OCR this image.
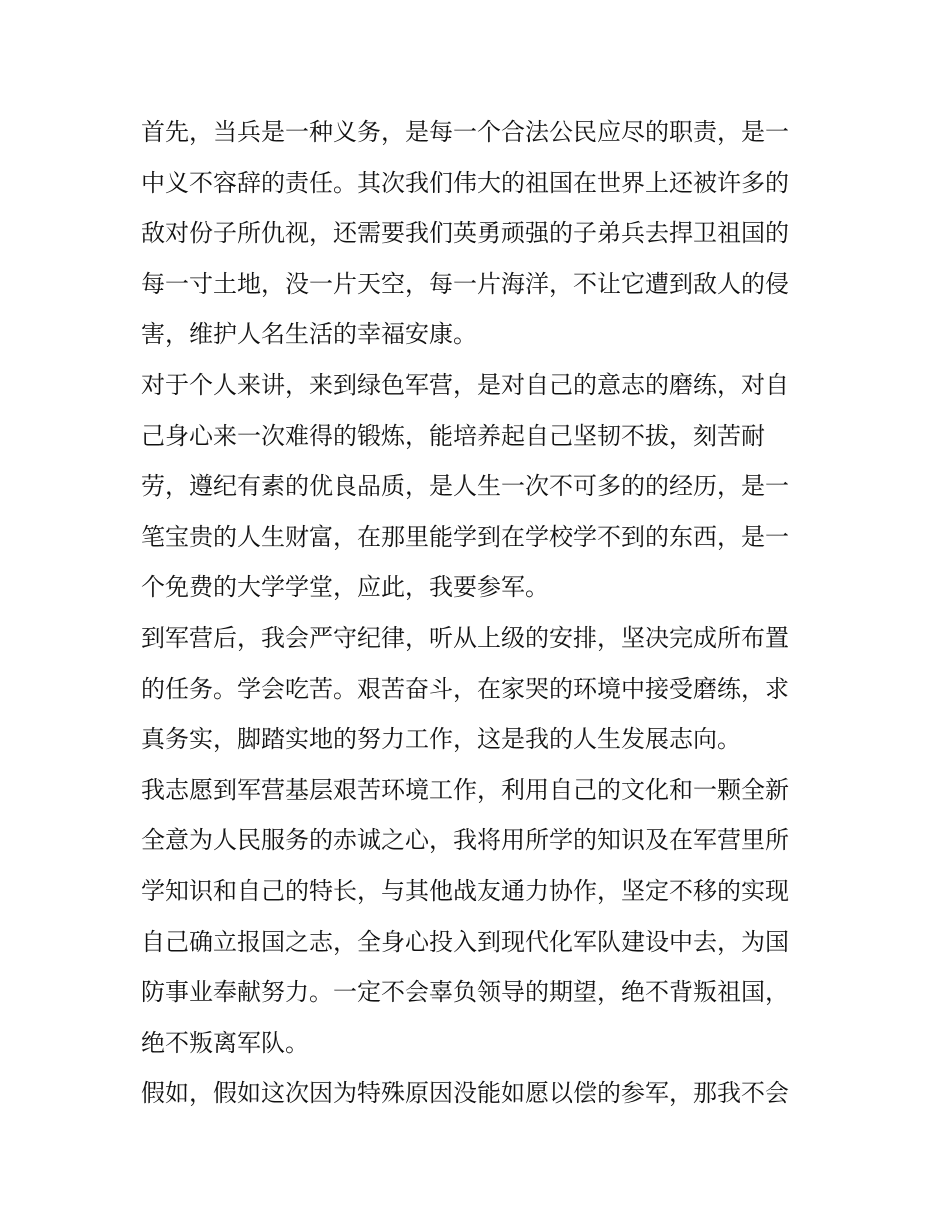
首先，当兵是一种义务，是每一个合法公民应尽的职责，是一
中义不容辞的责任。其次我们伟大的祖国在世界上还被许多的
敌对份子所仇视，还需要我们英勇顽强的子弟兵去捍卫祖国的
每一寸土地，没一片天空，每一片海洋，不让它遭到敌人的侵
害，维护人名生活的幸福安康。
对于个人来讲，来到绿色军营，是对自己的意志的磨练，对自
己身心来一次难得的锻炼，能培养起自己坚韧不拔，刻苦耐
劳，遵纪有素的优良品质，是人生一次不可多的的经历，是一
笔宝贵的人生财富，在那里能学到在学校学不到的东西，是一
个免费的大学学堂，应此，我要参军。
到军营后，我会严守纪律，听从上级的安排，坚决完成所布置
的任务。学会吃苦。艰苦奋斗，在家哭的环境中接受磨练，求
真务实，脚踏实地的努力工作，这是我的人生发展志向。
我志愿到军营基层艰苦环境工作，利用自己的文化和一颗全新
全意为人民服务的赤诚之心，我将用所学的知识及在军营里所
学知识和自己的特长，与其他战友通力协作，坚定不移的实现
自己确立报国之志，全身心投入到现代化军队建设中去，为国
防事业奉献努力。一定不会辜负领导的期望，绝不背叛祖国，
绝不叛离军队。
假如，假如这次因为特殊原因没能如愿以偿的参军，那我不会
